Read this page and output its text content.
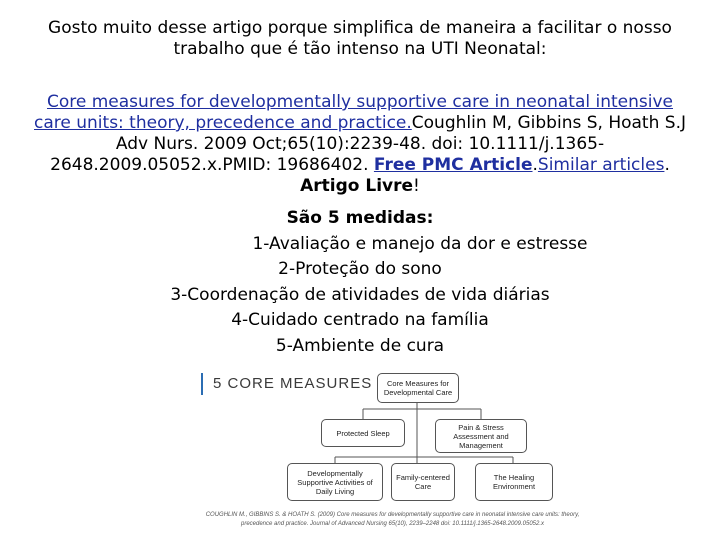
Gosto muito desse artigo porque simplifica de maneira a facilitar o nosso trabalho que é tão intenso na UTI Neonatal:
Core measures for developmentally supportive care in neonatal intensive care units: theory, precedence and practice.Coughlin M, Gibbins S, Hoath S.J Adv Nurs. 2009 Oct;65(10):2239-48. doi: 10.1111/j.1365-2648.2009.05052.x.PMID: 19686402. Free PMC Article.Similar articles. Artigo Livre!
São 5 medidas:
1-Avaliação e manejo da dor e estresse
2-Proteção do sono
3-Coordenação de atividades de vida diárias
4-Cuidado centrado na família
5-Ambiente de cura
5 CORE MEASURES	Core Measures for Developmental Care
Protected Sleep
Pain & Stress Assessment and Management
Developmentally Supportive Activities of Daily Living
Family-centered Care
The Healing Environment
COUGHLIN M., GIBBINS S. & HOATH S. (2009) Core measures for developmentally supportive care in neonatal intensive care units: theory, precedence and practice. Journal of Advanced Nursing 65(10), 2239–2248 doi: 10.1111/j.1365-2648.2009.05052.x
